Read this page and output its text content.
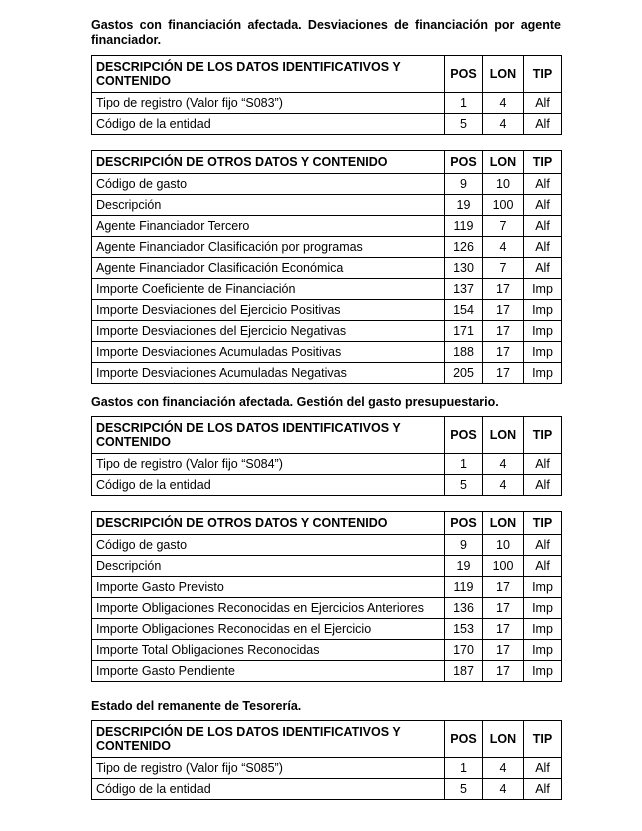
Gastos con financiación afectada. Desviaciones de financiación por agente financiador.

DESCRIPCIÓN DE LOS DATOS IDENTIFICATIVOS Y CONTENIDO	POS	LON	TIP
Tipo de registro (Valor fijo “S083”)	1	4	Alf
Código de la entidad	5	4	Alf
DESCRIPCIÓN DE OTROS DATOS Y CONTENIDO	POS	LON	TIP
Código de gasto	9	10	Alf
Descripción	19	100	Alf
Agente Financiador Tercero	119	7	Alf
Agente Financiador Clasificación por programas	126	4	Alf
Agente Financiador Clasificación Económica	130	7	Alf
Importe Coeficiente de Financiación	137	17	Imp
Importe Desviaciones del Ejercicio Positivas	154	17	Imp
Importe Desviaciones del Ejercicio Negativas	171	17	Imp
Importe Desviaciones Acumuladas Positivas	188	17	Imp
Importe Desviaciones Acumuladas Negativas	205	17	Imp

Gastos con financiación afectada. Gestión del gasto presupuestario.

DESCRIPCIÓN DE LOS DATOS IDENTIFICATIVOS Y CONTENIDO	POS	LON	TIP
Tipo de registro (Valor fijo “S084”)	1	4	Alf
Código de la entidad	5	4	Alf
DESCRIPCIÓN DE OTROS DATOS Y CONTENIDO	POS	LON	TIP
Código de gasto	9	10	Alf
Descripción	19	100	Alf
Importe Gasto Previsto	119	17	Imp
Importe Obligaciones Reconocidas en Ejercicios Anteriores	136	17	Imp
Importe Obligaciones Reconocidas en el Ejercicio	153	17	Imp
Importe Total Obligaciones Reconocidas	170	17	Imp
Importe Gasto Pendiente	187	17	Imp

Estado del remanente de Tesorería.

DESCRIPCIÓN DE LOS DATOS IDENTIFICATIVOS Y CONTENIDO	POS	LON	TIP
Tipo de registro (Valor fijo “S085”)	1	4	Alf
Código de la entidad	5	4	Alf
